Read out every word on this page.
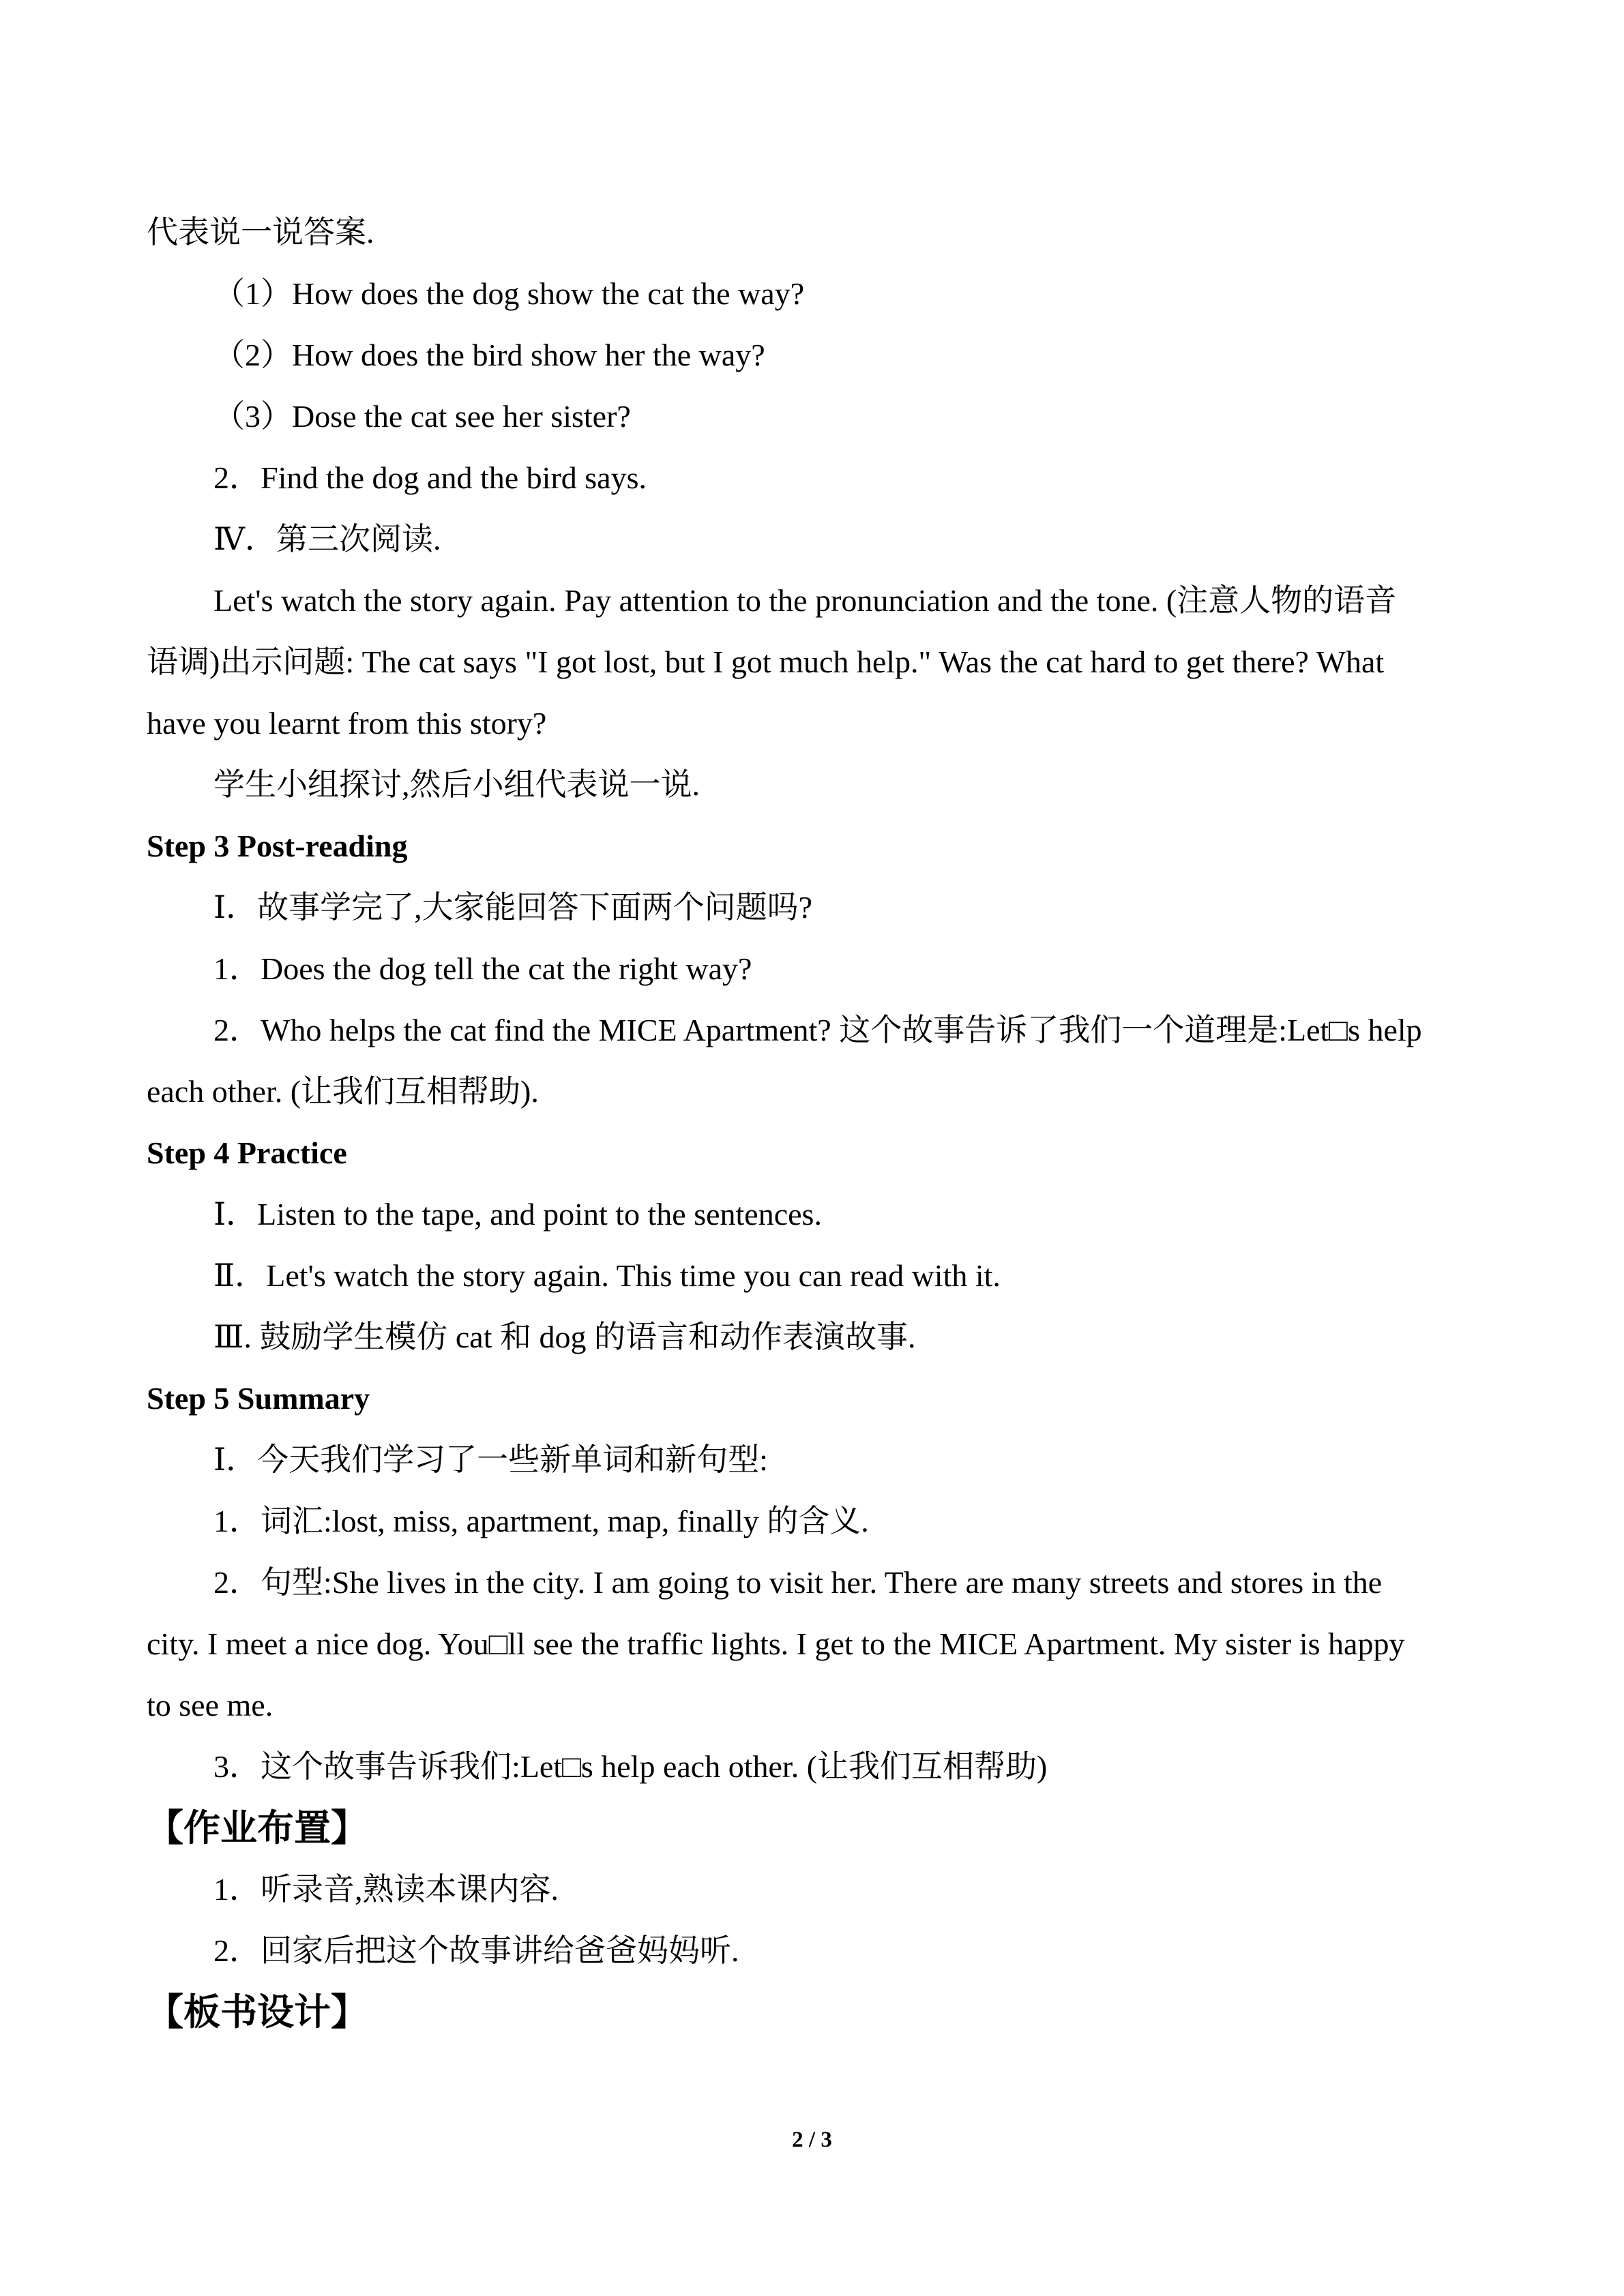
代表说一说答案.
（1）How does the dog show the cat the way?
（2）How does the bird show her the way?
（3）Dose the cat see her sister?
2．Find the dog and the bird says.
Ⅳ．第三次阅读.
Let's watch the story again. Pay attention to the pronunciation and the tone. (注意人物的语音
语调)出示问题: The cat says "I got lost, but I got much help." Was the cat hard to get there? What
have you learnt from this story?
学生小组探讨,然后小组代表说一说.
Step 3 Post-reading
Ⅰ．故事学完了,大家能回答下面两个问题吗?
1．Does the dog tell the cat the right way?
2．Who helps the cat find the MICE Apartment? 这个故事告诉了我们一个道理是:Let□s help
each other. (让我们互相帮助).
Step 4 Practice
Ⅰ．Listen to the tape, and point to the sentences.
Ⅱ．Let's watch the story again. This time you can read with it.
Ⅲ. 鼓励学生模仿 cat 和 dog 的语言和动作表演故事.
Step 5 Summary
Ⅰ．今天我们学习了一些新单词和新句型:
1．词汇:lost, miss, apartment, map, finally 的含义.
2．句型:She lives in the city. I am going to visit her. There are many streets and stores in the
city. I meet a nice dog. You□ll see the traffic lights. I get to the MICE Apartment. My sister is happy
to see me.
3．这个故事告诉我们:Let□s help each other. (让我们互相帮助)
【作业布置】
1．听录音,熟读本课内容.
2．回家后把这个故事讲给爸爸妈妈听.
【板书设计】
2 / 3
